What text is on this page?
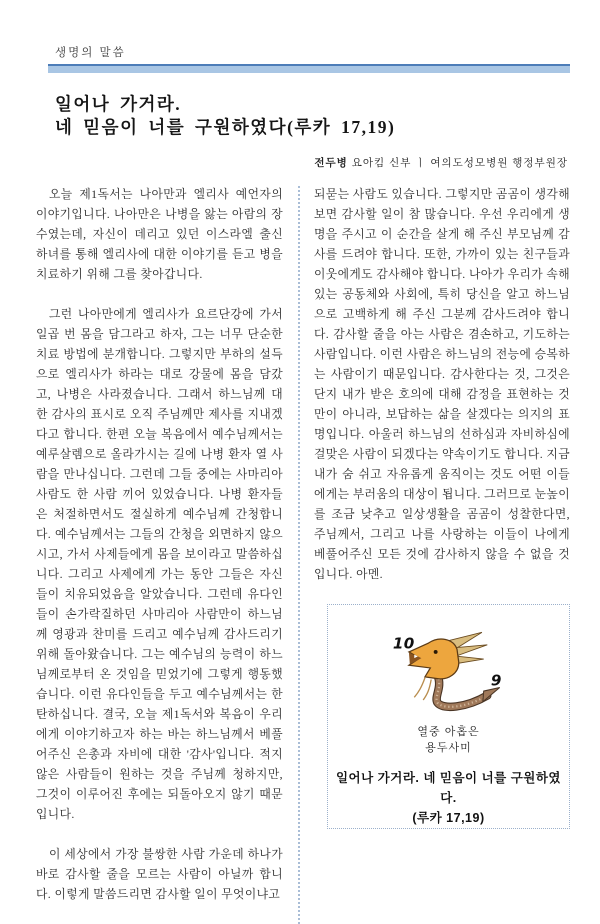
생명의 말씀
일어나 가거라.
네 믿음이 너를 구원하였다(루카 17,19)
전두병 요아킴 신부 ㅣ 여의도성모병원 행정부원장

오늘 제1독서는 나아만과 엘리사 예언자의 이야기입니다. 나아만은 나병을 앓는 아람의 장수였는데, 자신이 데리고 있던 이스라엘 출신 하녀를 통해 엘리사에 대한 이야기를 듣고 병을 치료하기 위해 그를 찾아갑니다.

그런 나아만에게 엘리사가 요르단강에 가서 일곱 번 몸을 담그라고 하자, 그는 너무 단순한 치료 방법에 분개합니다. 그렇지만 부하의 설득으로 엘리사가 하라는 대로 강물에 몸을 담갔고, 나병은 사라졌습니다. 그래서 하느님께 대한 감사의 표시로 오직 주님께만 제사를 지내겠다고 합니다. 한편 오늘 복음에서 예수님께서는 예루살렘으로 올라가시는 길에 나병 환자 열 사람을 만나십니다. 그런데 그들 중에는 사마리아 사람도 한 사람 끼어 있었습니다. 나병 환자들은 처절하면서도 절실하게 예수님께 간청합니다. 예수님께서는 그들의 간청을 외면하지 않으시고, 가서 사제들에게 몸을 보이라고 말씀하십니다. 그리고 사제에게 가는 동안 그들은 자신들이 치유되었음을 알았습니다. 그런데 유다인들이 손가락질하던 사마리아 사람만이 하느님께 영광과 찬미를 드리고 예수님께 감사드리기 위해 돌아왔습니다. 그는 예수님의 능력이 하느님께로부터 온 것임을 믿었기에 그렇게 행동했습니다. 이런 유다인들을 두고 예수님께서는 한탄하십니다. 결국, 오늘 제1독서와 복음이 우리에게 이야기하고자 하는 바는 하느님께서 베풀어주신 은총과 자비에 대한 '감사'입니다. 적지 않은 사람들이 원하는 것을 주님께 청하지만, 그것이 이루어진 후에는 되돌아오지 않기 때문입니다.

이 세상에서 가장 불쌍한 사람 가운데 하나가 바로 감사할 줄을 모르는 사람이 아닐까 합니다. 이렇게 말씀드리면 감사할 일이 무엇이냐고

되묻는 사람도 있습니다. 그렇지만 곰곰이 생각해 보면 감사할 일이 참 많습니다. 우선 우리에게 생명을 주시고 이 순간을 살게 해 주신 부모님께 감사를 드려야 합니다. 또한, 가까이 있는 친구들과 이웃에게도 감사해야 합니다. 나아가 우리가 속해 있는 공동체와 사회에, 특히 당신을 알고 하느님으로 고백하게 해 주신 그분께 감사드려야 합니다. 감사할 줄을 아는 사람은 겸손하고, 기도하는 사람입니다. 이런 사람은 하느님의 전능에 승복하는 사람이기 때문입니다. 감사한다는 것, 그것은 단지 내가 받은 호의에 대해 감정을 표현하는 것만이 아니라, 보답하는 삶을 살겠다는 의지의 표명입니다. 아울러 하느님의 선하심과 자비하심에 걸맞은 사람이 되겠다는 약속이기도 합니다. 지금 내가 숨 쉬고 자유롭게 움직이는 것도 어떤 이들에게는 부러움의 대상이 됩니다. 그러므로 눈높이를 조금 낮추고 일상생활을 곰곰이 성찰한다면, 주님께서, 그리고 나를 사랑하는 이들이 나에게 베풀어주신 모든 것에 감사하지 않을 수 없을 것입니다. 아멘.

10
9
열중 아홉은
용두사미
일어나 가거라. 네 믿음이 너를 구원하였다.
(루카 17,19)
